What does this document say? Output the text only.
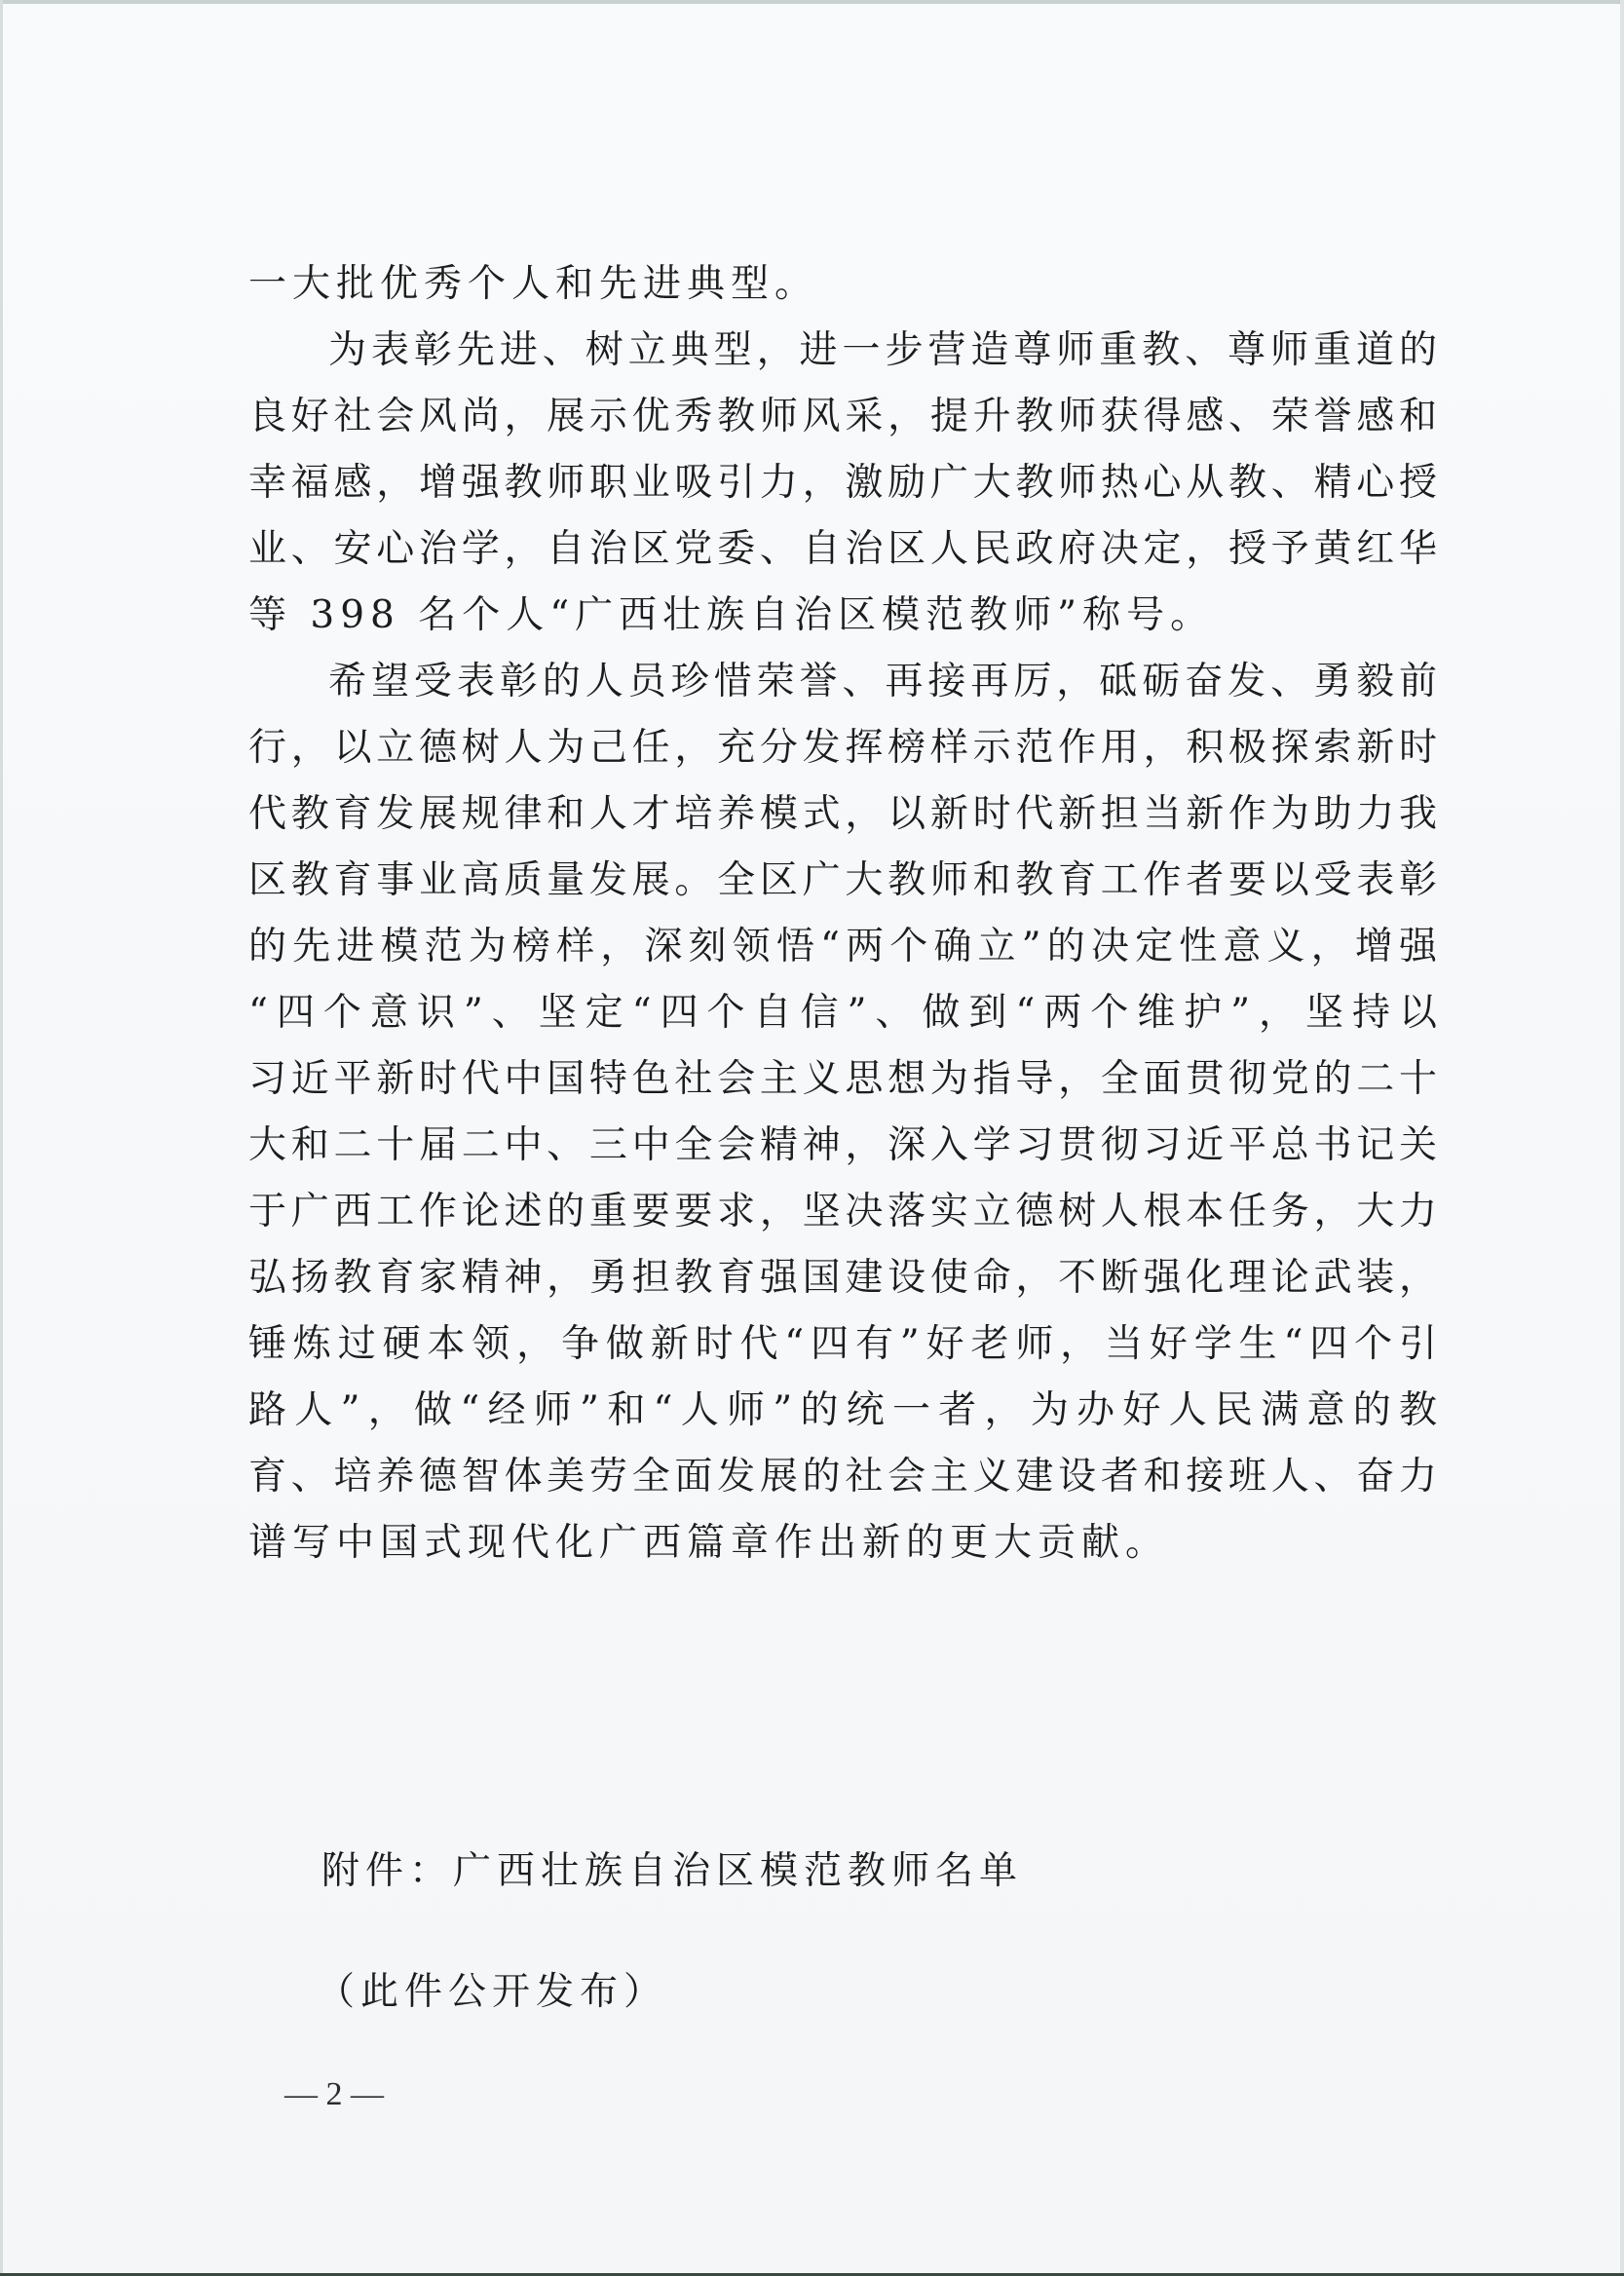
一大批优秀个人和先进典型。
为表彰先进、树立典型，进一步营造尊师重教、尊师重道的
良好社会风尚，展示优秀教师风采，提升教师获得感、荣誉感和
幸福感，增强教师职业吸引力，激励广大教师热心从教、精心授
业、安心治学，自治区党委、自治区人民政府决定，授予黄红华
等 398 名个人“广西壮族自治区模范教师”称号。
希望受表彰的人员珍惜荣誉、再接再厉，砥砺奋发、勇毅前
行，以立德树人为己任，充分发挥榜样示范作用，积极探索新时
代教育发展规律和人才培养模式，以新时代新担当新作为助力我
区教育事业高质量发展。全区广大教师和教育工作者要以受表彰
的先进模范为榜样，深刻领悟“两个确立”的决定性意义，增强
“四个意识”、坚定“四个自信”、做到“两个维护”，坚持以
习近平新时代中国特色社会主义思想为指导，全面贯彻党的二十
大和二十届二中、三中全会精神，深入学习贯彻习近平总书记关
于广西工作论述的重要要求，坚决落实立德树人根本任务，大力
弘扬教育家精神，勇担教育强国建设使命，不断强化理论武装，
锤炼过硬本领，争做新时代“四有”好老师，当好学生“四个引
路人”，做“经师”和“人师”的统一者，为办好人民满意的教
育、培养德智体美劳全面发展的社会主义建设者和接班人、奋力
谱写中国式现代化广西篇章作出新的更大贡献。
附件：广西壮族自治区模范教师名单
（此件公开发布）
— 2 —
